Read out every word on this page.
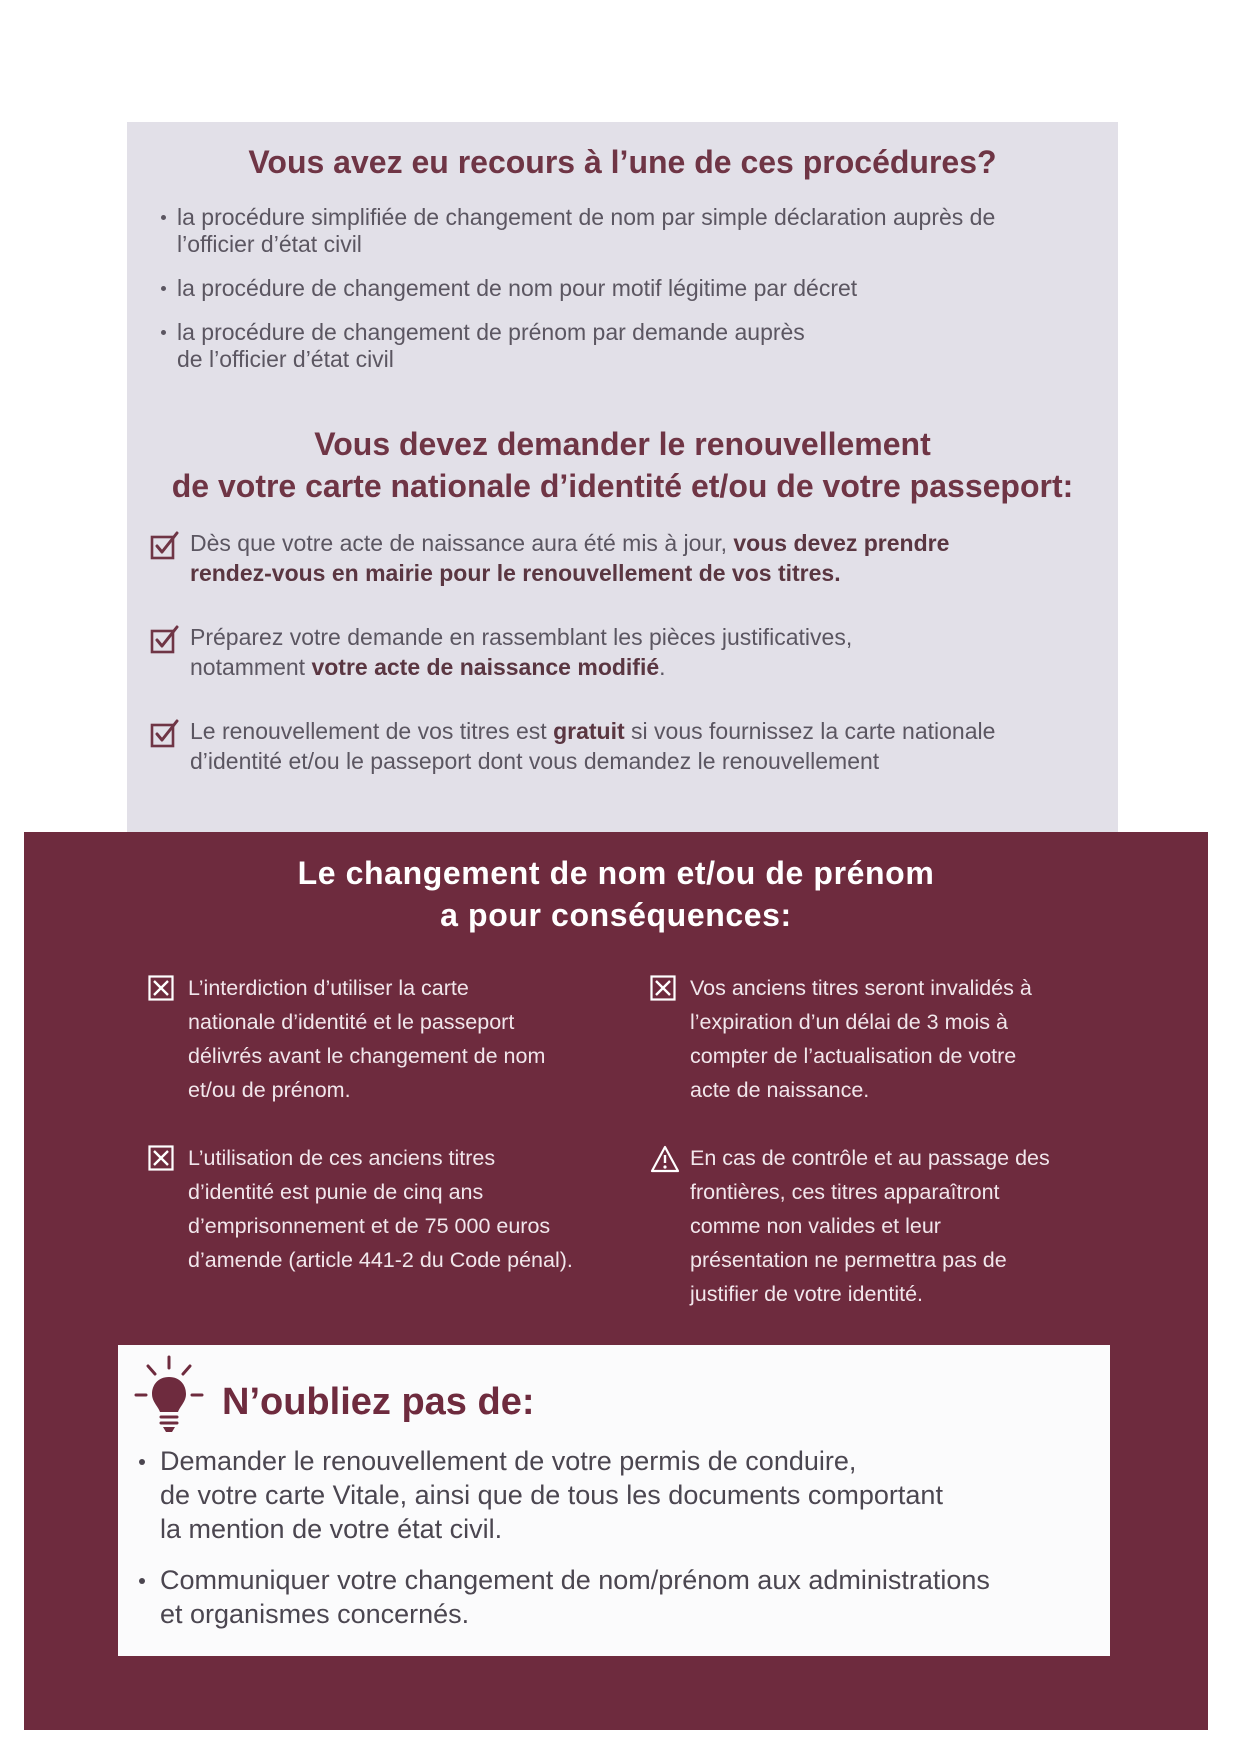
Vous avez eu recours à l’une de ces procédures?
la procédure simplifiée de changement de nom par simple déclaration auprès de
l’officier d’état civil
la procédure de changement de nom pour motif légitime par décret
la procédure de changement de prénom par demande auprès
de l’officier d’état civil
Vous devez demander le renouvellement
de votre carte nationale d’identité et/ou de votre passeport:

Dès que votre acte de naissance aura été mis à jour, vous devez prendre
rendez-vous en mairie pour le renouvellement de vos titres.

Préparez votre demande en rassemblant les pièces justificatives,
notamment votre acte de naissance modifié.

Le renouvellement de vos titres est gratuit si vous fournissez la carte nationale
d’identité et/ou le passeport dont vous demandez le renouvellement

Le changement de nom et/ou de prénom
a pour conséquences:

L’interdiction d’utiliser la carte
nationale d’identité et le passeport
délivrés avant le changement de nom
et/ou de prénom.

Vos anciens titres seront invalidés à
l’expiration d’un délai de 3 mois à
compter de l’actualisation de votre
acte de naissance.

L’utilisation de ces anciens titres
d’identité est punie de cinq ans
d’emprisonnement et de 75 000 euros
d’amende (article 441-2 du Code pénal).

En cas de contrôle et au passage des
frontières, ces titres apparaîtront
comme non valides et leur
présentation ne permettra pas de
justifier de votre identité.

N’oubliez pas de:
Demander le renouvellement de votre permis de conduire,
de votre carte Vitale, ainsi que de tous les documents comportant
la mention de votre état civil.
Communiquer votre changement de nom/prénom aux administrations
et organismes concernés.
